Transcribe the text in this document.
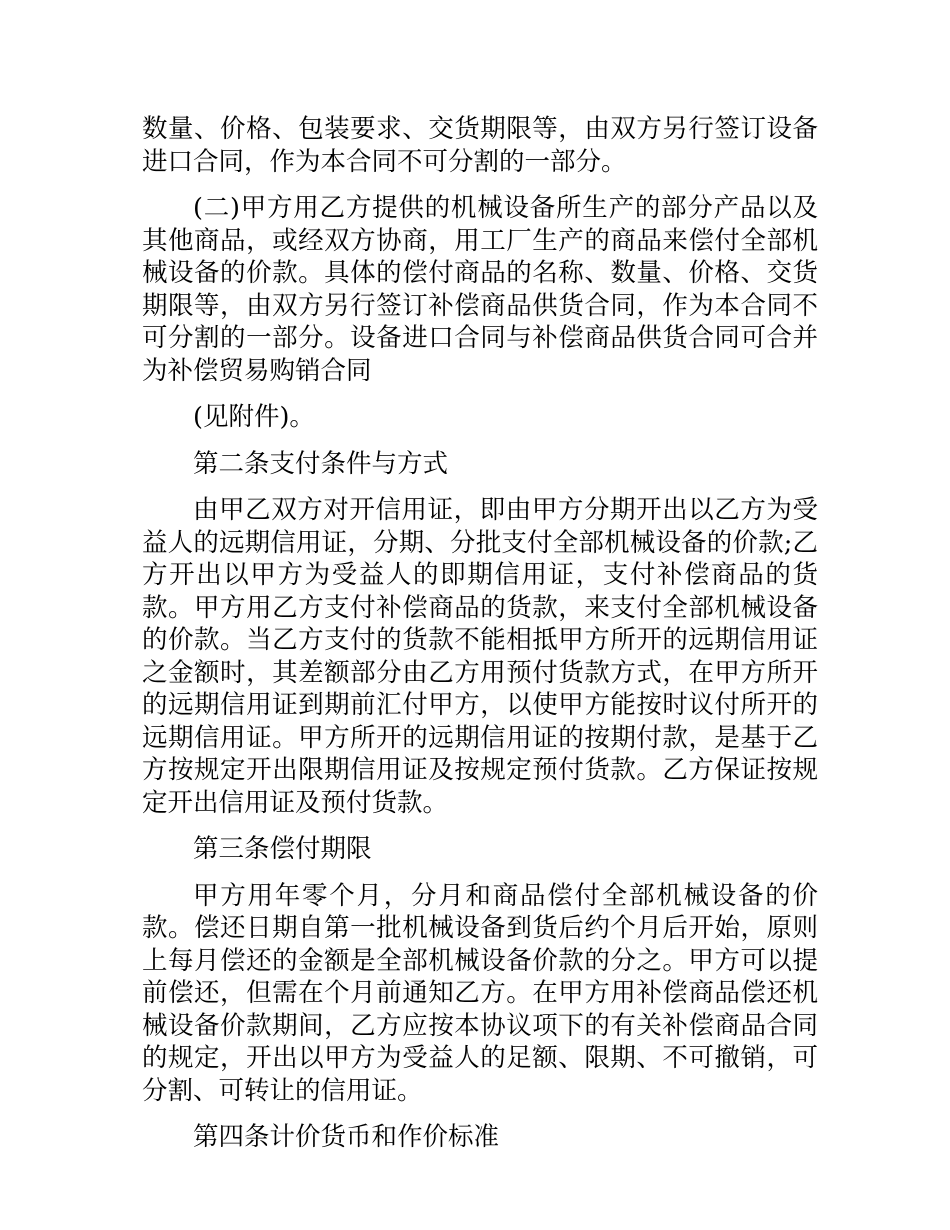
数量、价格、包装要求、交货期限等，由双方另行签订设备进口合同，作为本合同不可分割的一部分。

(二)甲方用乙方提供的机械设备所生产的部分产品以及其他商品，或经双方协商，用工厂生产的商品来偿付全部机械设备的价款。具体的偿付商品的名称、数量、价格、交货期限等，由双方另行签订补偿商品供货合同，作为本合同不可分割的一部分。设备进口合同与补偿商品供货合同可合并为补偿贸易购销合同

(见附件)。

第二条支付条件与方式

由甲乙双方对开信用证，即由甲方分期开出以乙方为受益人的远期信用证，分期、分批支付全部机械设备的价款;乙方开出以甲方为受益人的即期信用证，支付补偿商品的货款。甲方用乙方支付补偿商品的货款，来支付全部机械设备的价款。当乙方支付的货款不能相抵甲方所开的远期信用证之金额时，其差额部分由乙方用预付货款方式，在甲方所开的远期信用证到期前汇付甲方，以使甲方能按时议付所开的远期信用证。甲方所开的远期信用证的按期付款，是基于乙方按规定开出限期信用证及按规定预付货款。乙方保证按规定开出信用证及预付货款。

第三条偿付期限

甲方用年零个月，分月和商品偿付全部机械设备的价款。偿还日期自第一批机械设备到货后约个月后开始，原则上每月偿还的金额是全部机械设备价款的分之。甲方可以提前偿还，但需在个月前通知乙方。在甲方用补偿商品偿还机械设备价款期间，乙方应按本协议项下的有关补偿商品合同的规定，开出以甲方为受益人的足额、限期、不可撤销，可分割、可转让的信用证。

第四条计价货币和作价标准
